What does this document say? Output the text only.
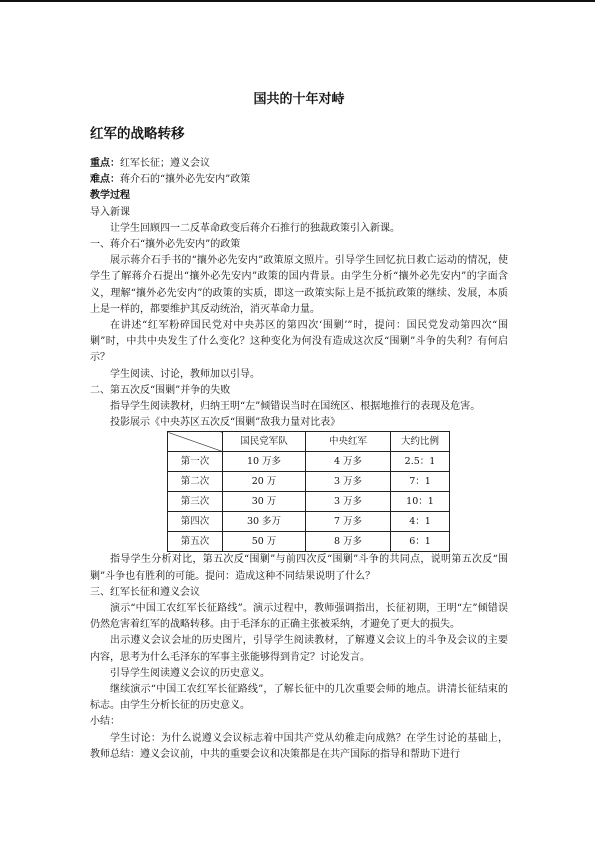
国共的十年对峙
红军的战略转移

重点：红军长征；遵义会议

难点：蒋介石的“攘外必先安内”政策

教学过程

导入新课

让学生回顾四一二反革命政变后蒋介石推行的独裁政策引入新课。

一、蒋介石“攘外必先安内”的政策

展示蒋介石手书的“攘外必先安内”政策原文照片。引导学生回忆抗日救亡运动的情况，使学生了解蒋介石提出“攘外必先安内”政策的国内背景。由学生分析“攘外必先安内”的字面含义，理解“攘外必先安内”的政策的实质，即这一政策实际上是不抵抗政策的继续、发展，本质上是一样的，都要维护其反动统治，消灭革命力量。

在讲述“红军粉碎国民党对中央苏区的第四次‘围剿’”时，提问：国民党发动第四次“围剿”时，中共中央发生了什么变化？这种变化为何没有造成这次反“围剿”斗争的失利？有何启示？

学生阅读、讨论，教师加以引导。

二、第五次反“围剿”并争的失败

指导学生阅读教材，归纳王明“左”倾错误当时在国统区、根据地推行的表现及危害。

投影展示《中央苏区五次反“围剿”敌我力量对比表》

	国民党军队	中央红军	大约比例
第一次	10 万多	4 万多	2.5：1
第二次	20 万	3 万多	7：1
第三次	30 万	3 万多	10：1
第四次	30 多万	7 万多	4：1
第五次	50 万	8 万多	6：1

指导学生分析对比，第五次反“围剿”与前四次反“围剿”斗争的共同点，说明第五次反“围剿”斗争也有胜利的可能。提问：造成这种不同结果说明了什么？

三、红军长征和遵义会议

演示“中国工农红军长征路线”。演示过程中，教师强调指出，长征初期，王明“左”倾错误仍然危害着红军的战略转移。由于毛泽东的正确主张被采纳，才避免了更大的损失。

出示遵义会议会址的历史图片，引导学生阅读教材，了解遵义会议上的斗争及会议的主要内容，思考为什么毛泽东的军事主张能够得到肯定？讨论发言。

引导学生阅读遵义会议的历史意义。

继续演示“中国工农红军长征路线”，了解长征中的几次重要会师的地点。讲清长征结束的标志。由学生分析长征的历史意义。

小结：

学生讨论：为什么说遵义会议标志着中国共产党从幼稚走向成熟？在学生讨论的基础上，教师总结：遵义会议前，中共的重要会议和决策都是在共产国际的指导和帮助下进行
